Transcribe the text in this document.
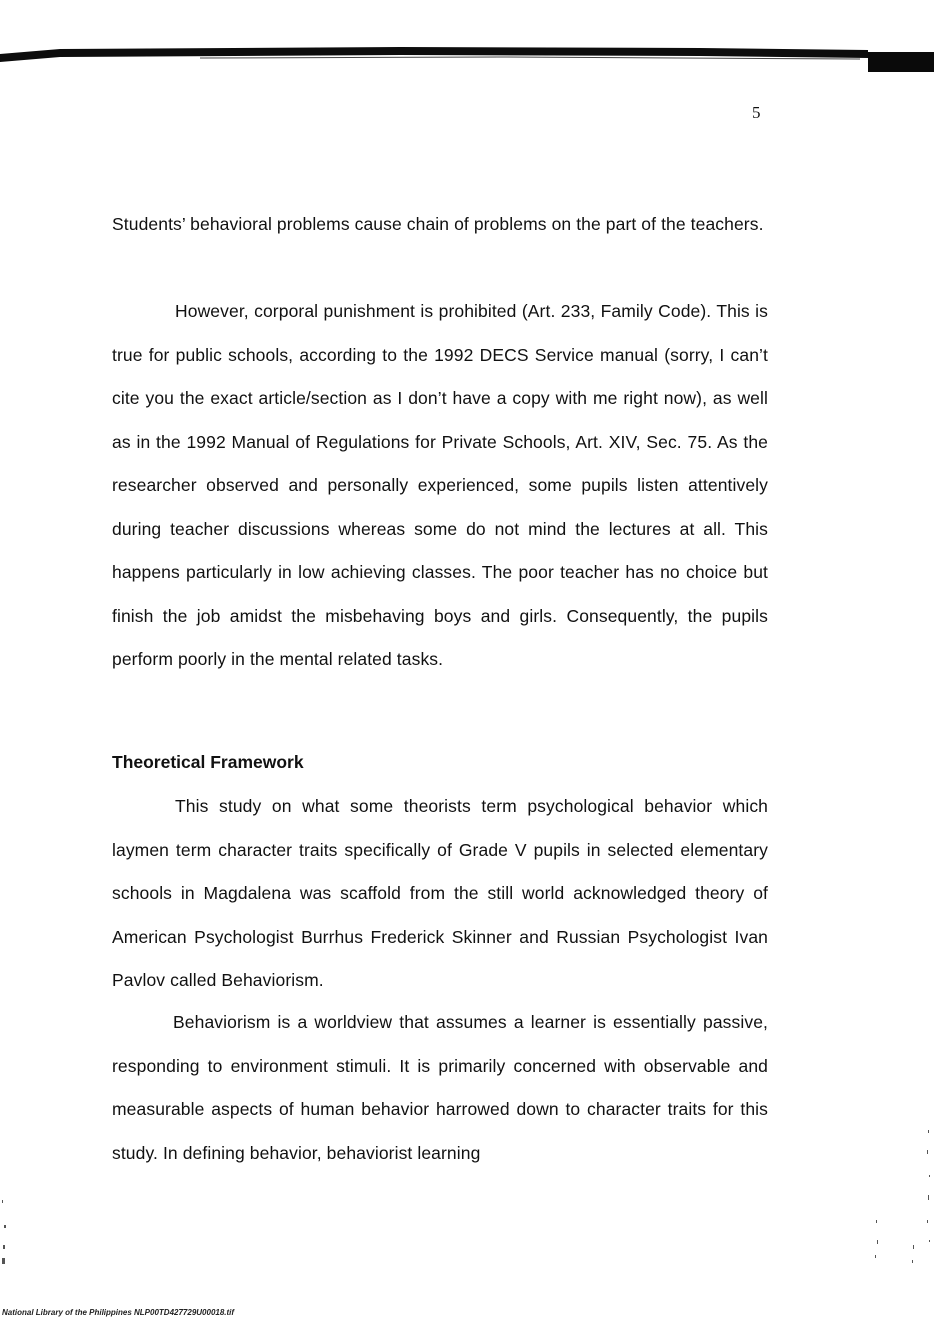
5

Students’ behavioral problems cause chain of problems on the part of the teachers.

However, corporal punishment is prohibited (Art. 233, Family Code). This is true for public schools, according to the 1992 DECS Service manual (sorry, I can’t cite you the exact article/section as I don’t have a copy with me right now), as well as in the 1992 Manual of Regulations for Private Schools, Art. XIV, Sec. 75. As the researcher observed and personally experienced, some pupils listen attentively during teacher discussions whereas some do not mind the lectures at all. This happens particularly in low achieving classes. The poor teacher has no choice but finish the job amidst the misbehaving boys and girls. Consequently, the pupils perform poorly in the mental related tasks.

Theoretical Framework

This study on what some theorists term psychological behavior which laymen term character traits specifically of Grade V pupils in selected elementary schools in Magdalena was scaffold from the still world acknowledged theory of American Psychologist Burrhus Frederick Skinner and Russian Psychologist Ivan Pavlov called Behaviorism.

Behaviorism is a worldview that assumes a learner is essentially passive, responding to environment stimuli. It is primarily concerned with observable and measurable aspects of human behavior harrowed down to character traits for this study. In defining behavior, behaviorist learning

National Library of the Philippines NLP00TD427729U00018.tif
